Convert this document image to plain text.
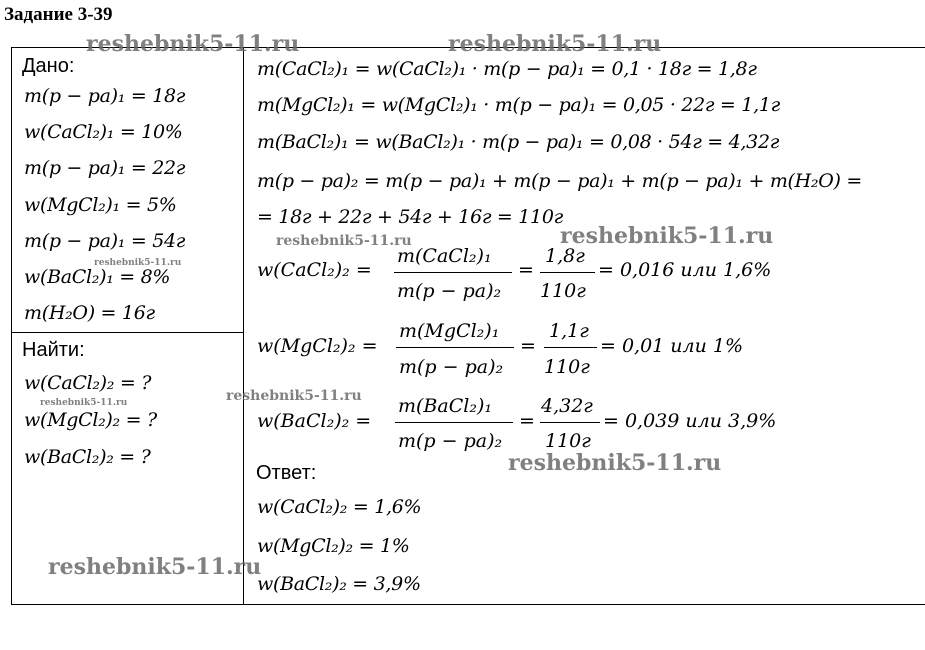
Задание 3-39
Дано:
m(p − pa)₁ = 18г
w(CaCl₂)₁ = 10%
m(p − pa)₁ = 22г
w(MgCl₂)₁ = 5%
m(p − pa)₁ = 54г
w(BaCl₂)₁ = 8%
m(H₂O) = 16г
Найти:
w(CaCl₂)₂ = ?
w(MgCl₂)₂ = ?
w(BaCl₂)₂ = ?
m(CaCl₂)₁ = w(CaCl₂)₁ · m(p − pa)₁ = 0,1 · 18г = 1,8г
m(MgCl₂)₁ = w(MgCl₂)₁ · m(p − pa)₁ = 0,05 · 22г = 1,1г
m(BaCl₂)₁ = w(BaCl₂)₁ · m(p − pa)₁ = 0,08 · 54г = 4,32г
m(p − pa)₂ = m(p − pa)₁ + m(p − pa)₁ + m(p − pa)₁ + m(H₂O) =
= 18г + 22г + 54г + 16г = 110г
w(CaCl₂)₂ =
m(CaCl₂)₁
m(p − pa)₂
=
1,8г
110г
= 0,016 или 1,6%
w(MgCl₂)₂ =
m(MgCl₂)₁
m(p − pa)₂
=
1,1г
110г
= 0,01 или 1%
w(BaCl₂)₂ =
m(BaCl₂)₁
m(p − pa)₂
=
4,32г
110г
= 0,039 или 3,9%
Ответ:
w(CaCl₂)₂ = 1,6%
w(MgCl₂)₂ = 1%
w(BaCl₂)₂ = 3,9%
reshebnik5-11.ru	reshebnik5-11.ru
reshebnik5-11.ru	reshebnik5-11.ru
reshebnik5-11.ru
reshebnik5-11.ru	reshebnik5-11.ru
reshebnik5-11.ru
reshebnik5-11.ru
